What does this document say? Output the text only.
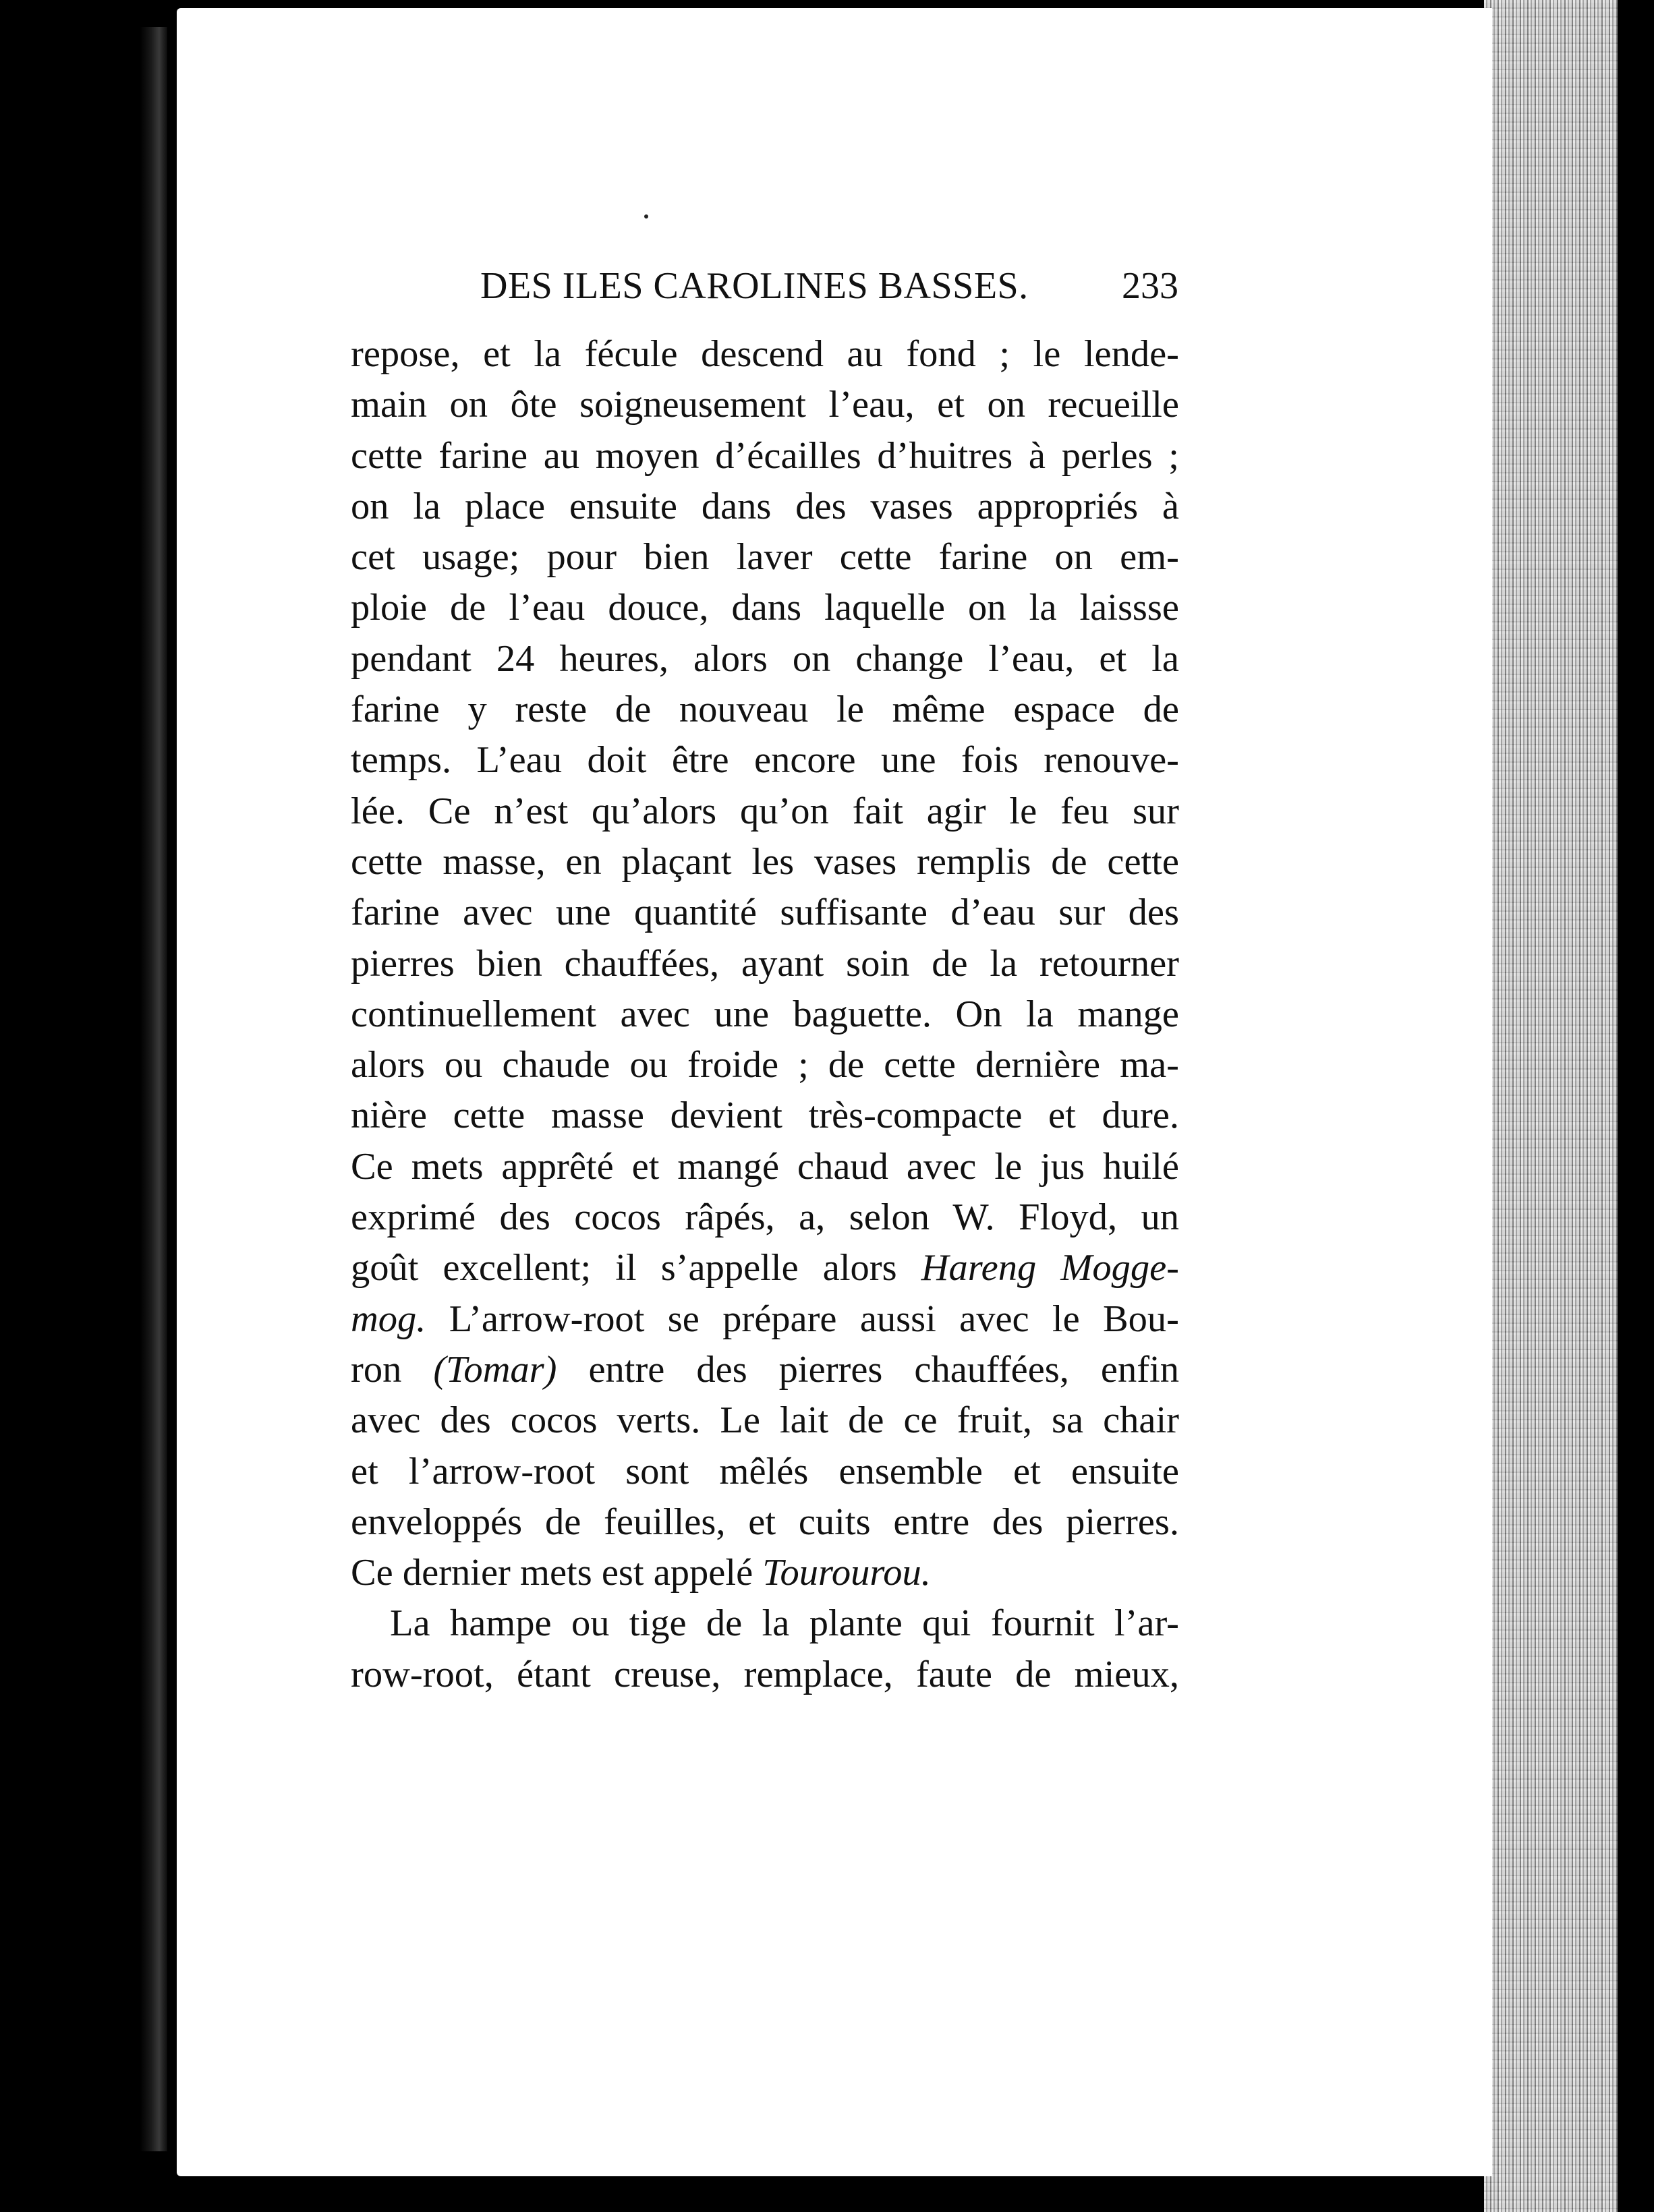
DES ILES CAROLINES BASSES. 233
repose, et la fécule descend au fond ; le lende-
main on ôte soigneusement l’eau, et on recueille
cette farine au moyen d’écailles d’huitres à perles ;
on la place ensuite dans des vases appropriés à
cet usage; pour bien laver cette farine on em-
ploie de l’eau douce, dans laquelle on la laissse
pendant 24 heures, alors on change l’eau, et la
farine y reste de nouveau le même espace de
temps. L’eau doit être encore une fois renouve-
lée. Ce n’est qu’alors qu’on fait agir le feu sur
cette masse, en plaçant les vases remplis de cette
farine avec une quantité suffisante d’eau sur des
pierres bien chauffées, ayant soin de la retourner
continuellement avec une baguette. On la mange
alors ou chaude ou froide ; de cette dernière ma-
nière cette masse devient très-compacte et dure.
Ce mets apprêté et mangé chaud avec le jus huilé
exprimé des cocos râpés, a, selon W. Floyd, un
goût excellent; il s’appelle alors Hareng Mogge-
mog. L’arrow-root se prépare aussi avec le Bou-
ron (Tomar) entre des pierres chauffées, enfin
avec des cocos verts. Le lait de ce fruit, sa chair
et l’arrow-root sont mêlés ensemble et ensuite
enveloppés de feuilles, et cuits entre des pierres.
Ce dernier mets est appelé Tourourou.
La hampe ou tige de la plante qui fournit l’ar-
row-root, étant creuse, remplace, faute de mieux,
